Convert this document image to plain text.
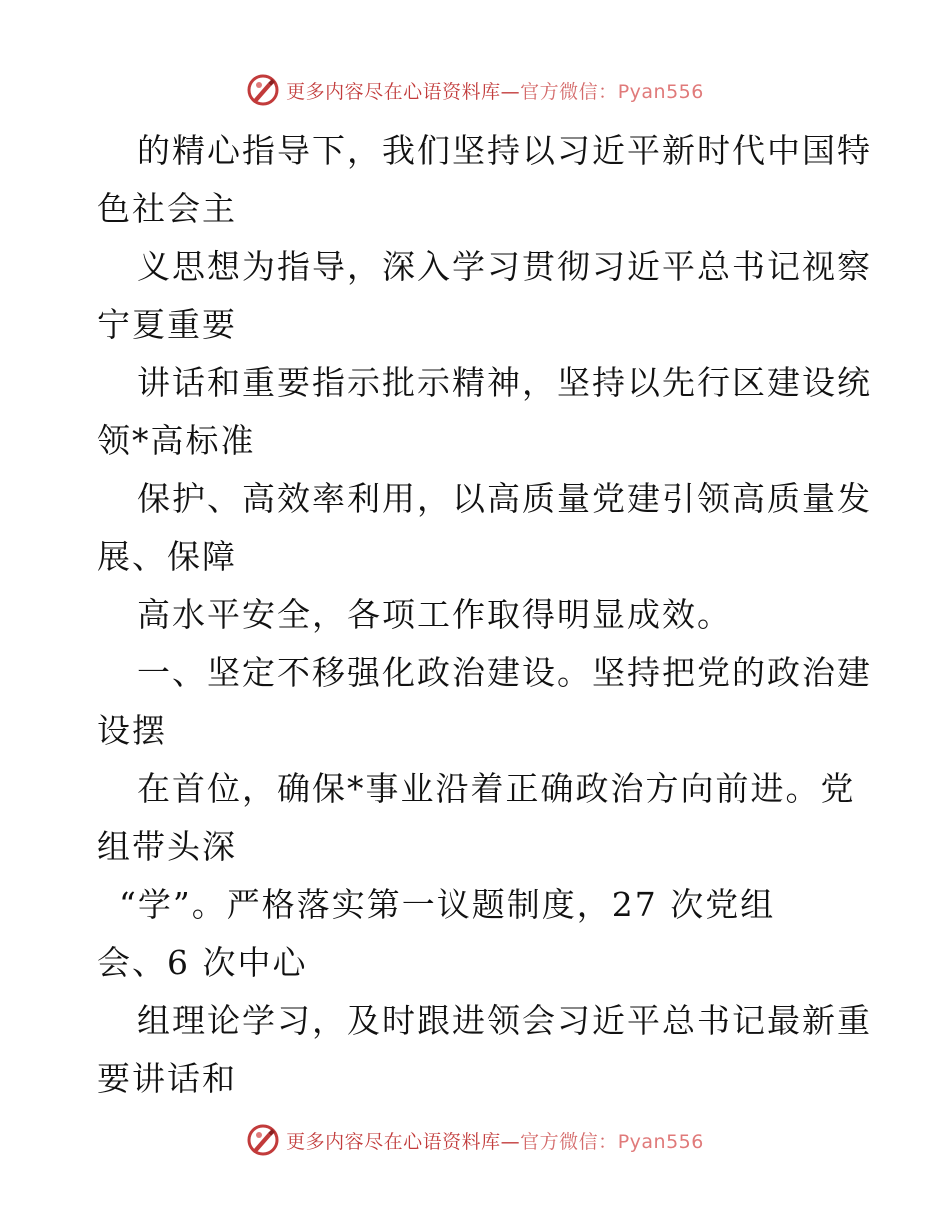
更多内容尽在心语资料库—官方微信：Pyan556
的精心指导下，我们坚持以习近平新时代中国特
色社会主
义思想为指导，深入学习贯彻习近平总书记视察
宁夏重要
讲话和重要指示批示精神，坚持以先行区建设统
领*高标准
保护、高效率利用，以高质量党建引领高质量发
展、保障
高水平安全，各项工作取得明显成效。
一、坚定不移强化政治建设。坚持把党的政治建
设摆
在首位，确保*事业沿着正确政治方向前进。党
组带头深
“学”。严格落实第一议题制度，27 次党组
会、6 次中心
组理论学习，及时跟进领会习近平总书记最新重
要讲话和
更多内容尽在心语资料库—官方微信：Pyan556
